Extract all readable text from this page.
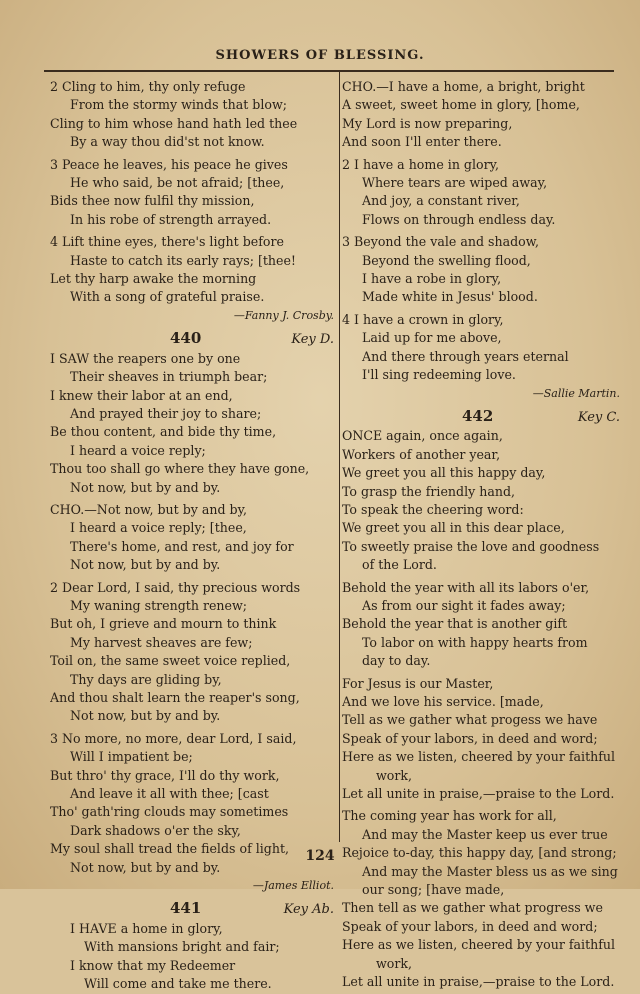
SHOWERS OF BLESSING.
2 Cling to him, thy only refuge
From the stormy winds that blow;
Cling to him whose hand hath led thee
By a way thou did'st not know.
3 Peace he leaves, his peace he gives
He who said, be not afraid; [thee,
Bids thee now fulfil thy mission,
In his robe of strength arrayed.
4 Lift thine eyes, there's light before
Haste to catch its early rays; [thee!
Let thy harp awake the morning
With a song of grateful praise.
—Fanny J. Crosby.
440	Key D.
I SAW the reapers one by one
Their sheaves in triumph bear;
I knew their labor at an end,
And prayed their joy to share;
Be thou content, and bide thy time,
I heard a voice reply;
Thou too shall go where they have gone,
Not now, but by and by.
CHO.—Not now, but by and by,
I heard a voice reply; [thee,
There's home, and rest, and joy for
Not now, but by and by.
2 Dear Lord, I said, thy precious words
My waning strength renew;
But oh, I grieve and mourn to think
My harvest sheaves are few;
Toil on, the same sweet voice replied,
Thy days are gliding by,
And thou shalt learn the reaper's song,
Not now, but by and by.
3 No more, no more, dear Lord, I said,
Will I impatient be;
But thro' thy grace, I'll do thy work,
And leave it all with thee; [cast
Tho' gath'ring clouds may sometimes
Dark shadows o'er the sky,
My soul shall tread the fields of light,
Not now, but by and by.
—James Elliot.
441	Key Ab.
I HAVE a home in glory,
With mansions bright and fair;
I know that my Redeemer
Will come and take me there.
CHO.—I have a home, a bright, bright
A sweet, sweet home in glory, [home,
My Lord is now preparing,
And soon I'll enter there.
2 I have a home in glory,
Where tears are wiped away,
And joy, a constant river,
Flows on through endless day.
3 Beyond the vale and shadow,
Beyond the swelling flood,
I have a robe in glory,
Made white in Jesus' blood.
4 I have a crown in glory,
Laid up for me above,
And there through years eternal
I'll sing redeeming love.
—Sallie Martin.
442	Key C.
ONCE again, once again,
Workers of another year,
We greet you all this happy day,
To grasp the friendly hand,
To speak the cheering word:
We greet you all in this dear place,
To sweetly praise the love and goodness
of the Lord.
Behold the year with all its labors o'er,
As from our sight it fades away;
Behold the year that is another gift
To labor on with happy hearts from
day to day.
For Jesus is our Master,
And we love his service. [made,
Tell as we gather what progess we have
Speak of your labors, in deed and word;
Here as we listen, cheered by your faithful
work,
Let all unite in praise,—praise to the Lord.
The coming year has work for all,
And may the Master keep us ever true
Rejoice to-day, this happy day, [and strong;
And may the Master bless us as we sing
our song; [have made,
Then tell as we gather what progress we
Speak of your labors, in deed and word;
Here as we listen, cheered by your faithful
work,
Let all unite in praise,—praise to the Lord.
124
